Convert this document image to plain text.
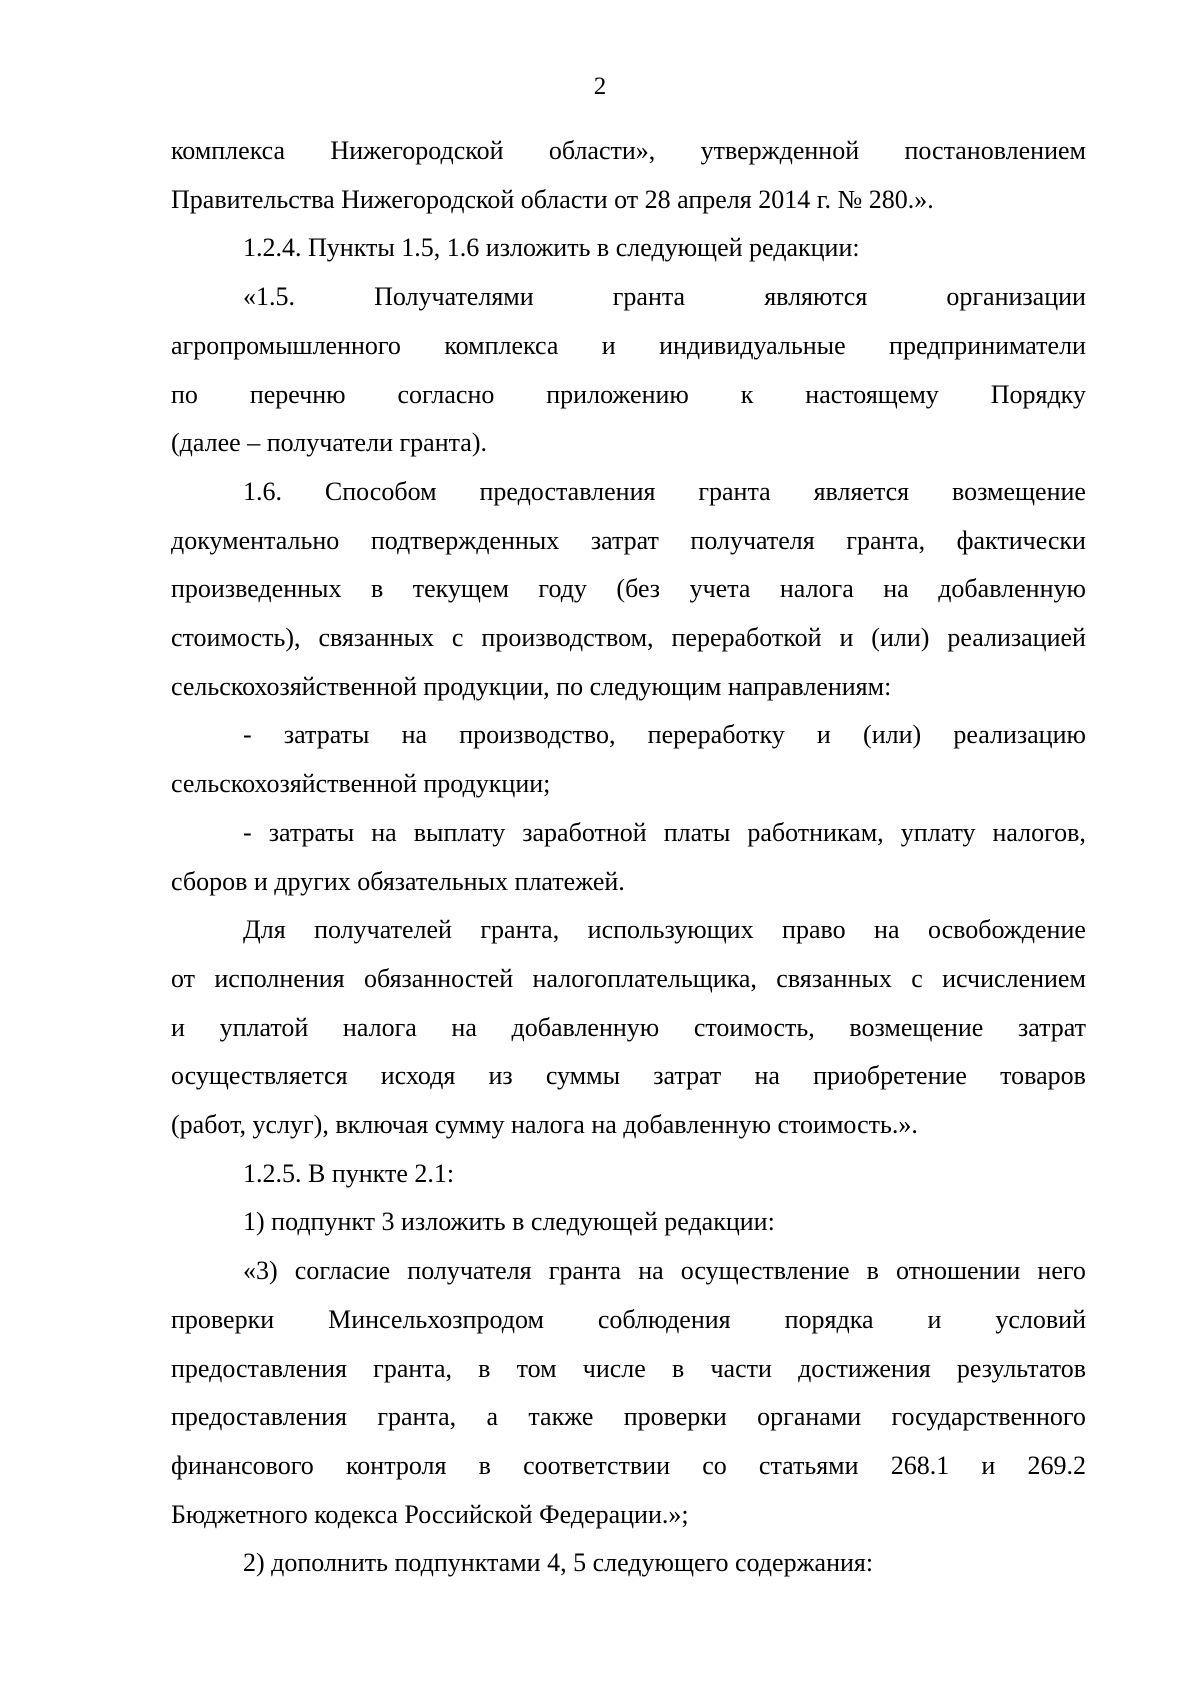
2
комплекса Нижегородской области», утвержденной постановлением
Правительства Нижегородской области от 28 апреля 2014 г. № 280.».
1.2.4. Пункты 1.5, 1.6 изложить в следующей редакции:
«1.5.	Получателями	гранта	являются	организации
агропромышленного комплекса и индивидуальные предприниматели
по перечню согласно приложению к настоящему Порядку
(далее – получатели гранта).
1.6. Способом предоставления гранта является возмещение
документально подтвержденных затрат получателя гранта, фактически
произведенных в текущем году (без учета налога на добавленную
стоимость), связанных с производством, переработкой и (или) реализацией
сельскохозяйственной продукции, по следующим направлениям:
- затраты на производство, переработку и (или) реализацию
сельскохозяйственной продукции;
- затраты на выплату заработной платы работникам, уплату налогов,
сборов и других обязательных платежей.
Для получателей гранта, использующих право на освобождение
от исполнения обязанностей налогоплательщика, связанных с исчислением
и уплатой налога на добавленную стоимость, возмещение затрат
осуществляется исходя из суммы затрат на приобретение товаров
(работ, услуг), включая сумму налога на добавленную стоимость.».
1.2.5. В пункте 2.1:
1) подпункт 3 изложить в следующей редакции:
«3) согласие получателя гранта на осуществление в отношении него
проверки Минсельхозпродом соблюдения порядка и условий
предоставления гранта, в том числе в части достижения результатов
предоставления гранта, а также проверки органами государственного
финансового контроля в соответствии со статьями 268.1 и 269.2
Бюджетного кодекса Российской Федерации.»;
2) дополнить подпунктами 4, 5 следующего содержания:
